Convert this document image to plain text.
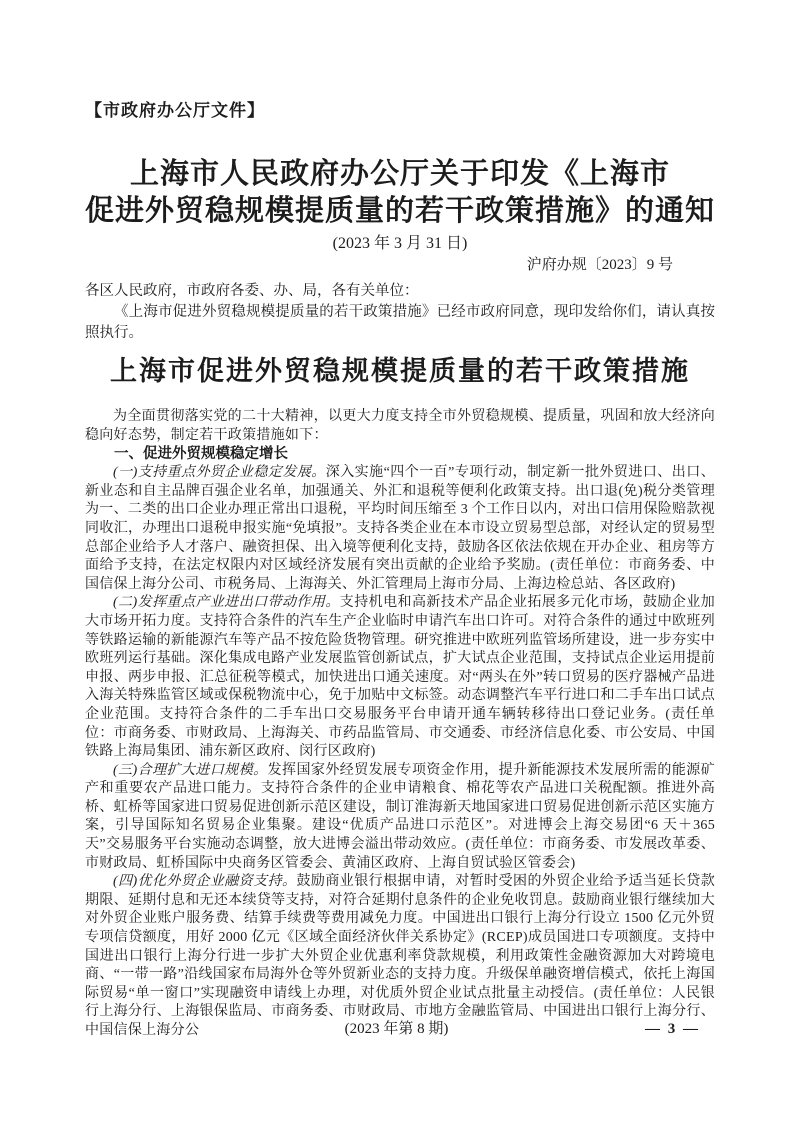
【市政府办公厅文件】
上海市人民政府办公厅关于印发《上海市
促进外贸稳规模提质量的若干政策措施》的通知
(2023 年 3 月 31 日)
沪府办规〔2023〕9 号

各区人民政府，市政府各委、办、局，各有关单位：

《上海市促进外贸稳规模提质量的若干政策措施》已经市政府同意，现印发给你们，请认真按照执行。

上海市促进外贸稳规模提质量的若干政策措施

为全面贯彻落实党的二十大精神，以更大力度支持全市外贸稳规模、提质量，巩固和放大经济向稳向好态势，制定若干政策措施如下：

一、促进外贸规模稳定增长

(一)支持重点外贸企业稳定发展。深入实施“四个一百”专项行动，制定新一批外贸进口、出口、新业态和自主品牌百强企业名单，加强通关、外汇和退税等便利化政策支持。出口退(免)税分类管理为一、二类的出口企业办理正常出口退税，平均时间压缩至 3 个工作日以内，对出口信用保险赔款视同收汇，办理出口退税申报实施“免填报”。支持各类企业在本市设立贸易型总部，对经认定的贸易型总部企业给予人才落户、融资担保、出入境等便利化支持，鼓励各区依法依规在开办企业、租房等方面给予支持，在法定权限内对区域经济发展有突出贡献的企业给予奖励。(责任单位：市商务委、中国信保上海分公司、市税务局、上海海关、外汇管理局上海市分局、上海边检总站、各区政府)

(二)发挥重点产业进出口带动作用。支持机电和高新技术产品企业拓展多元化市场，鼓励企业加大市场开拓力度。支持符合条件的汽车生产企业临时申请汽车出口许可。对符合条件的通过中欧班列等铁路运输的新能源汽车等产品不按危险货物管理。研究推进中欧班列监管场所建设，进一步夯实中欧班列运行基础。深化集成电路产业发展监管创新试点，扩大试点企业范围，支持试点企业运用提前申报、两步申报、汇总征税等模式，加快进出口通关速度。对“两头在外”转口贸易的医疗器械产品进入海关特殊监管区域或保税物流中心，免于加贴中文标签。动态调整汽车平行进口和二手车出口试点企业范围。支持符合条件的二手车出口交易服务平台申请开通车辆转移待出口登记业务。(责任单位：市商务委、市财政局、上海海关、市药品监管局、市交通委、市经济信息化委、市公安局、中国铁路上海局集团、浦东新区政府、闵行区政府)

(三)合理扩大进口规模。发挥国家外经贸发展专项资金作用，提升新能源技术发展所需的能源矿产和重要农产品进口能力。支持符合条件的企业申请粮食、棉花等农产品进口关税配额。推进外高桥、虹桥等国家进口贸易促进创新示范区建设，制订淮海新天地国家进口贸易促进创新示范区实施方案，引导国际知名贸易企业集聚。建设“优质产品进口示范区”。对进博会上海交易团“6 天＋365 天”交易服务平台实施动态调整，放大进博会溢出带动效应。(责任单位：市商务委、市发展改革委、市财政局、虹桥国际中央商务区管委会、黄浦区政府、上海自贸试验区管委会)

(四)优化外贸企业融资支持。鼓励商业银行根据申请，对暂时受困的外贸企业给予适当延长贷款期限、延期付息和无还本续贷等支持，对符合延期付息条件的企业免收罚息。鼓励商业银行继续加大对外贸企业账户服务费、结算手续费等费用减免力度。中国进出口银行上海分行设立 1500 亿元外贸专项信贷额度，用好 2000 亿元《区域全面经济伙伴关系协定》(RCEP)成员国进口专项额度。支持中国进出口银行上海分行进一步扩大外贸企业优惠利率贷款规模，利用政策性金融资源加大对跨境电商、“一带一路”沿线国家布局海外仓等外贸新业态的支持力度。升级保单融资增信模式，依托上海国际贸易“单一窗口”实现融资申请线上办理，对优质外贸企业试点批量主动授信。(责任单位：人民银行上海分行、上海银保监局、市商务委、市财政局、市地方金融监管局、中国进出口银行上海分行、中国信保上海分公	(2023 年第 8 期)	— 3 —
